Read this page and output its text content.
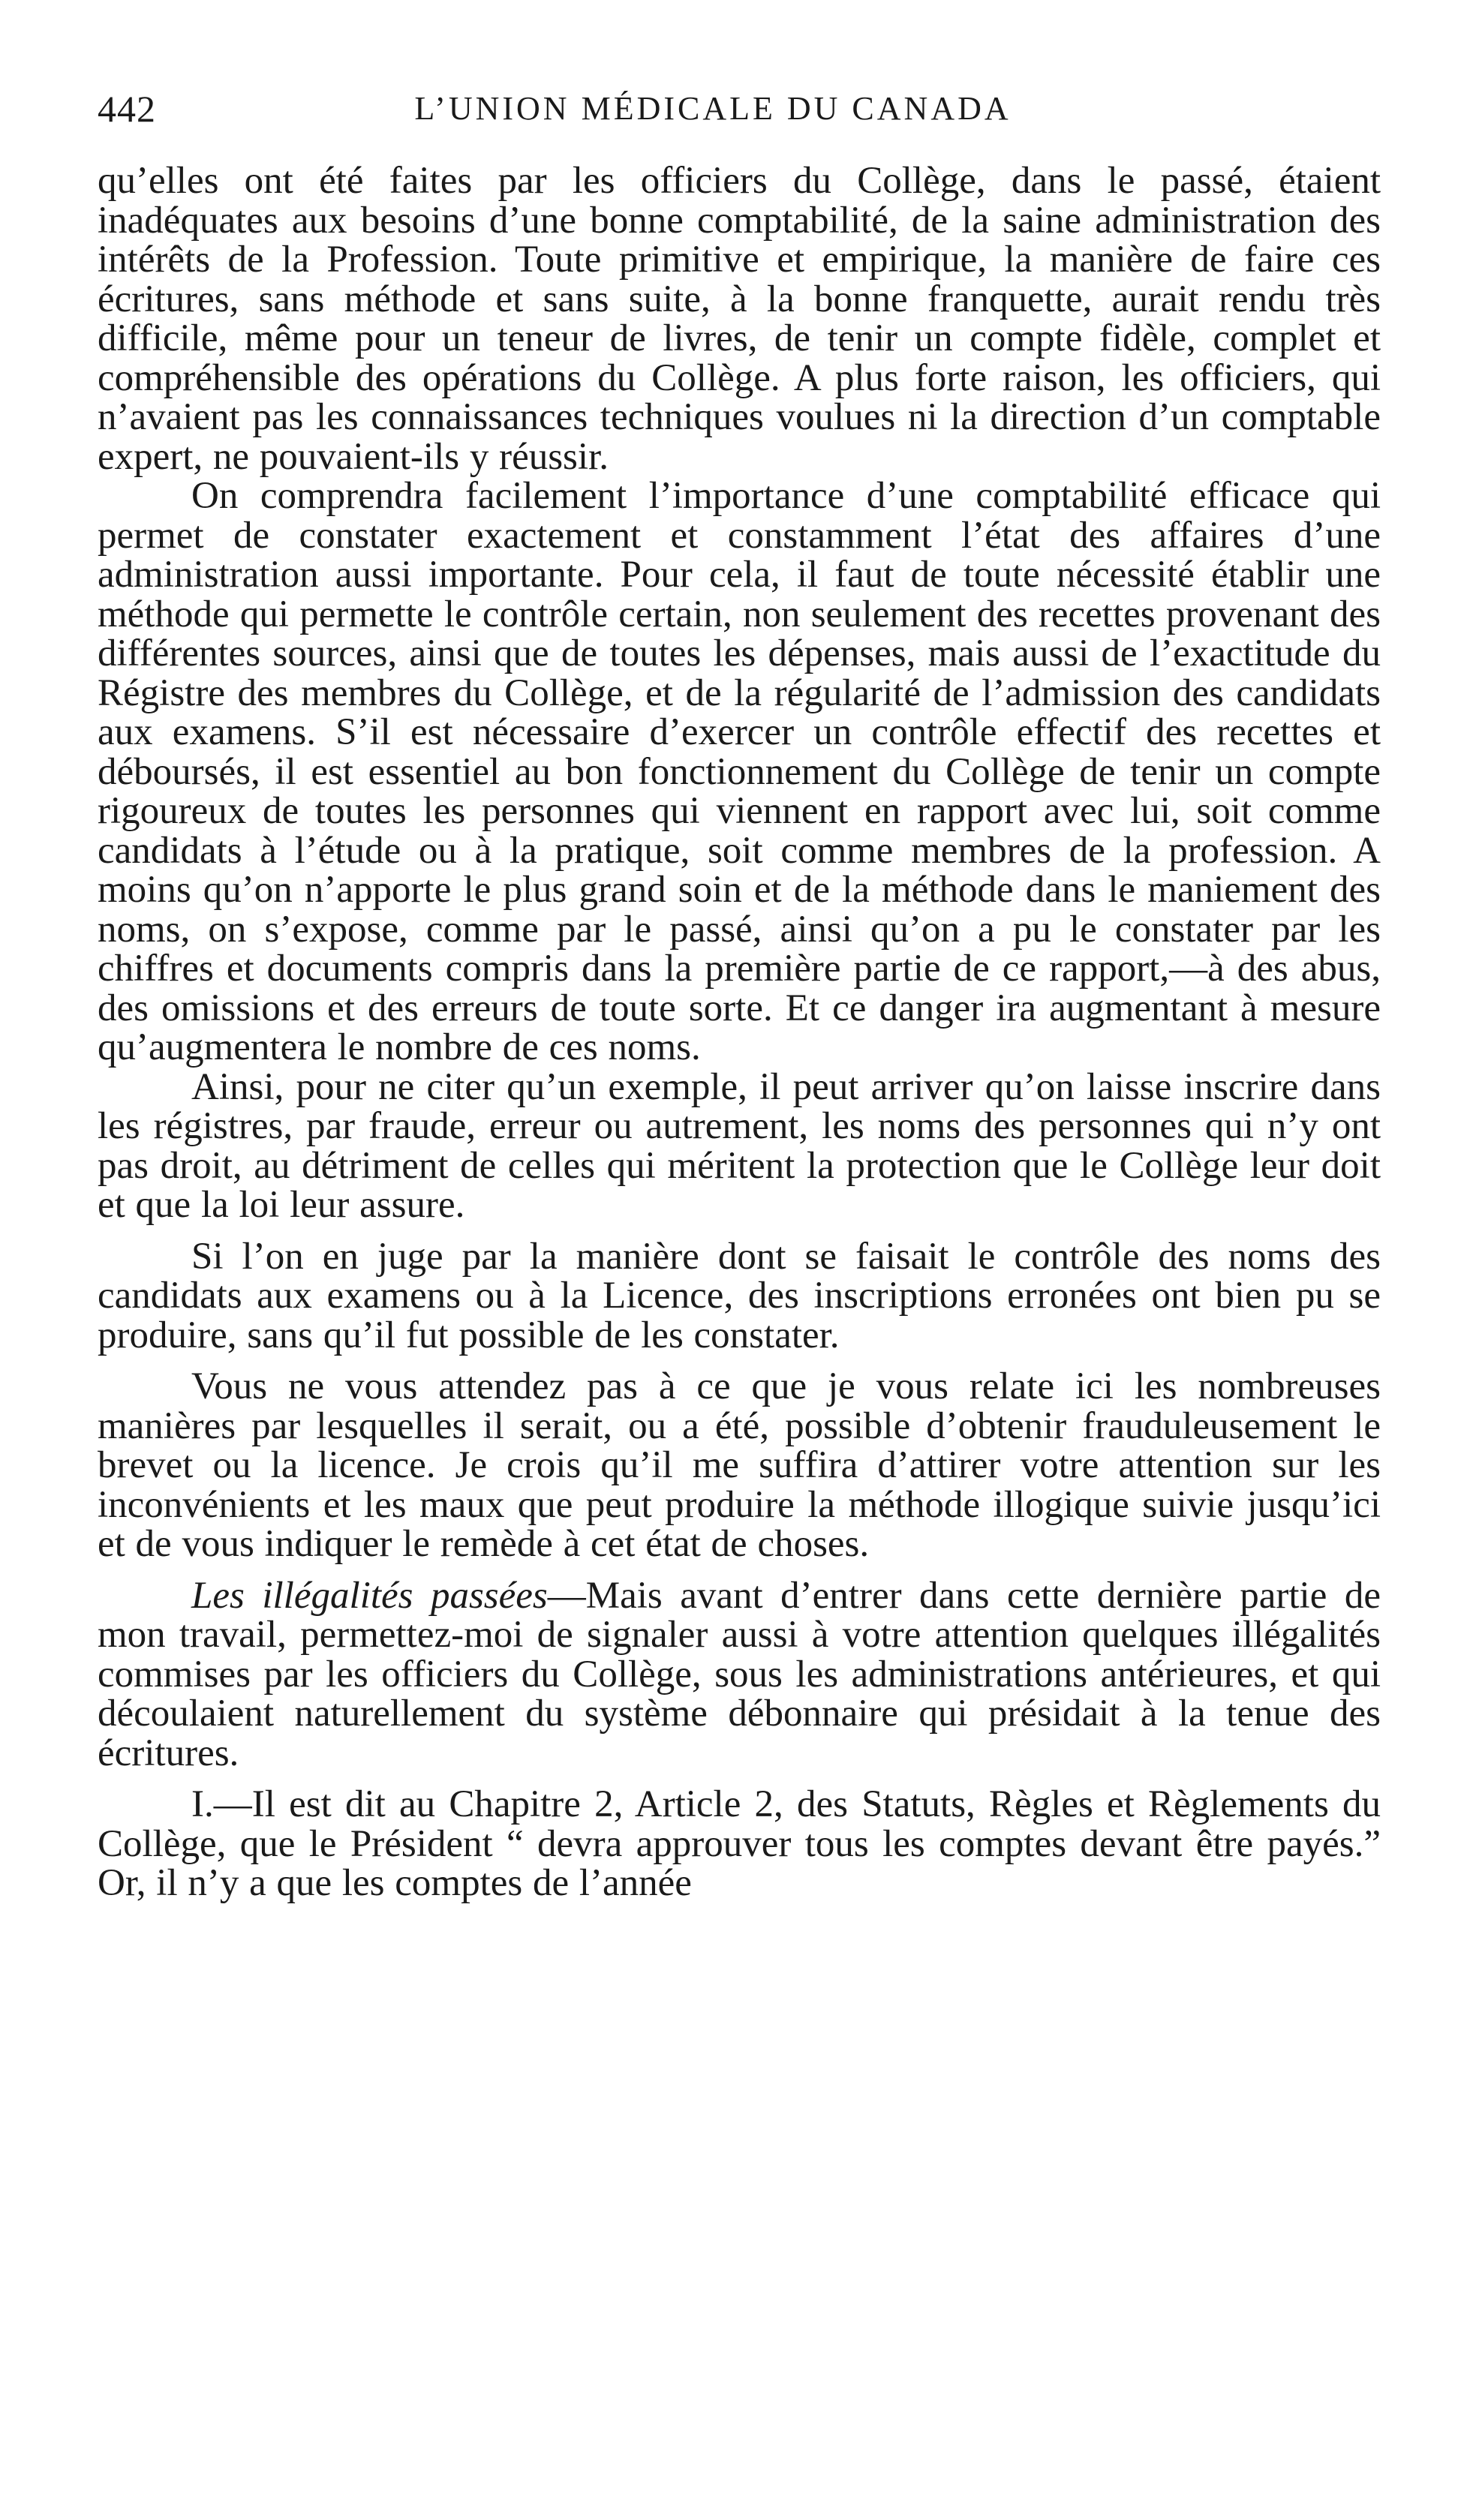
442	L’UNION MÉDICALE DU CANADA

qu’elles ont été faites par les officiers du Collège, dans le passé, étaient inadéquates aux besoins d’une bonne comptabilité, de la saine administration des intérêts de la Profession. Toute primitive et empirique, la manière de faire ces écritures, sans méthode et sans suite, à la bonne franquette, aurait rendu très difficile, même pour un teneur de livres, de tenir un compte fidèle, complet et compréhensible des opérations du Collège. A plus forte raison, les officiers, qui n’avaient pas les connaissances techniques voulues ni la direction d’un comptable expert, ne pouvaient-ils y réussir.

On comprendra facilement l’importance d’une comptabilité efficace qui permet de constater exactement et constamment l’état des affaires d’une administration aussi importante. Pour cela, il faut de toute nécessité établir une méthode qui permette le contrôle certain, non seulement des recettes provenant des différentes sources, ainsi que de toutes les dépenses, mais aussi de l’exactitude du Régistre des membres du Collège, et de la régularité de l’admission des candidats aux examens. S’il est nécessaire d’exercer un contrôle effectif des recettes et déboursés, il est essentiel au bon fonctionnement du Collège de tenir un compte rigoureux de toutes les personnes qui viennent en rapport avec lui, soit comme candidats à l’étude ou à la pratique, soit comme membres de la profession. A moins qu’on n’apporte le plus grand soin et de la méthode dans le maniement des noms, on s’expose, comme par le passé, ainsi qu’on a pu le constater par les chiffres et documents compris dans la première partie de ce rapport,—à des abus, des omissions et des erreurs de toute sorte. Et ce danger ira augmentant à mesure qu’augmentera le nombre de ces noms.

Ainsi, pour ne citer qu’un exemple, il peut arriver qu’on laisse inscrire dans les régistres, par fraude, erreur ou autrement, les noms des personnes qui n’y ont pas droit, au détriment de celles qui méritent la protection que le Collège leur doit et que la loi leur assure.

Si l’on en juge par la manière dont se faisait le contrôle des noms des candidats aux examens ou à la Licence, des inscriptions erronées ont bien pu se produire, sans qu’il fut possible de les constater.

Vous ne vous attendez pas à ce que je vous relate ici les nombreuses manières par lesquelles il serait, ou a été, possible d’obtenir frauduleusement le brevet ou la licence. Je crois qu’il me suffira d’attirer votre attention sur les inconvénients et les maux que peut produire la méthode illogique suivie jusqu’ici et de vous indiquer le remède à cet état de choses.

Les illégalités passées—Mais avant d’entrer dans cette dernière partie de mon travail, permettez-moi de signaler aussi à votre attention quelques illégalités commises par les officiers du Collège, sous les administrations antérieures, et qui découlaient naturellement du système débonnaire qui présidait à la tenue des écritures.

I.—Il est dit au Chapitre 2, Article 2, des Statuts, Règles et Règlements du Collège, que le Président “ devra approuver tous les comptes devant être payés.” Or, il n’y a que les comptes de l’année
